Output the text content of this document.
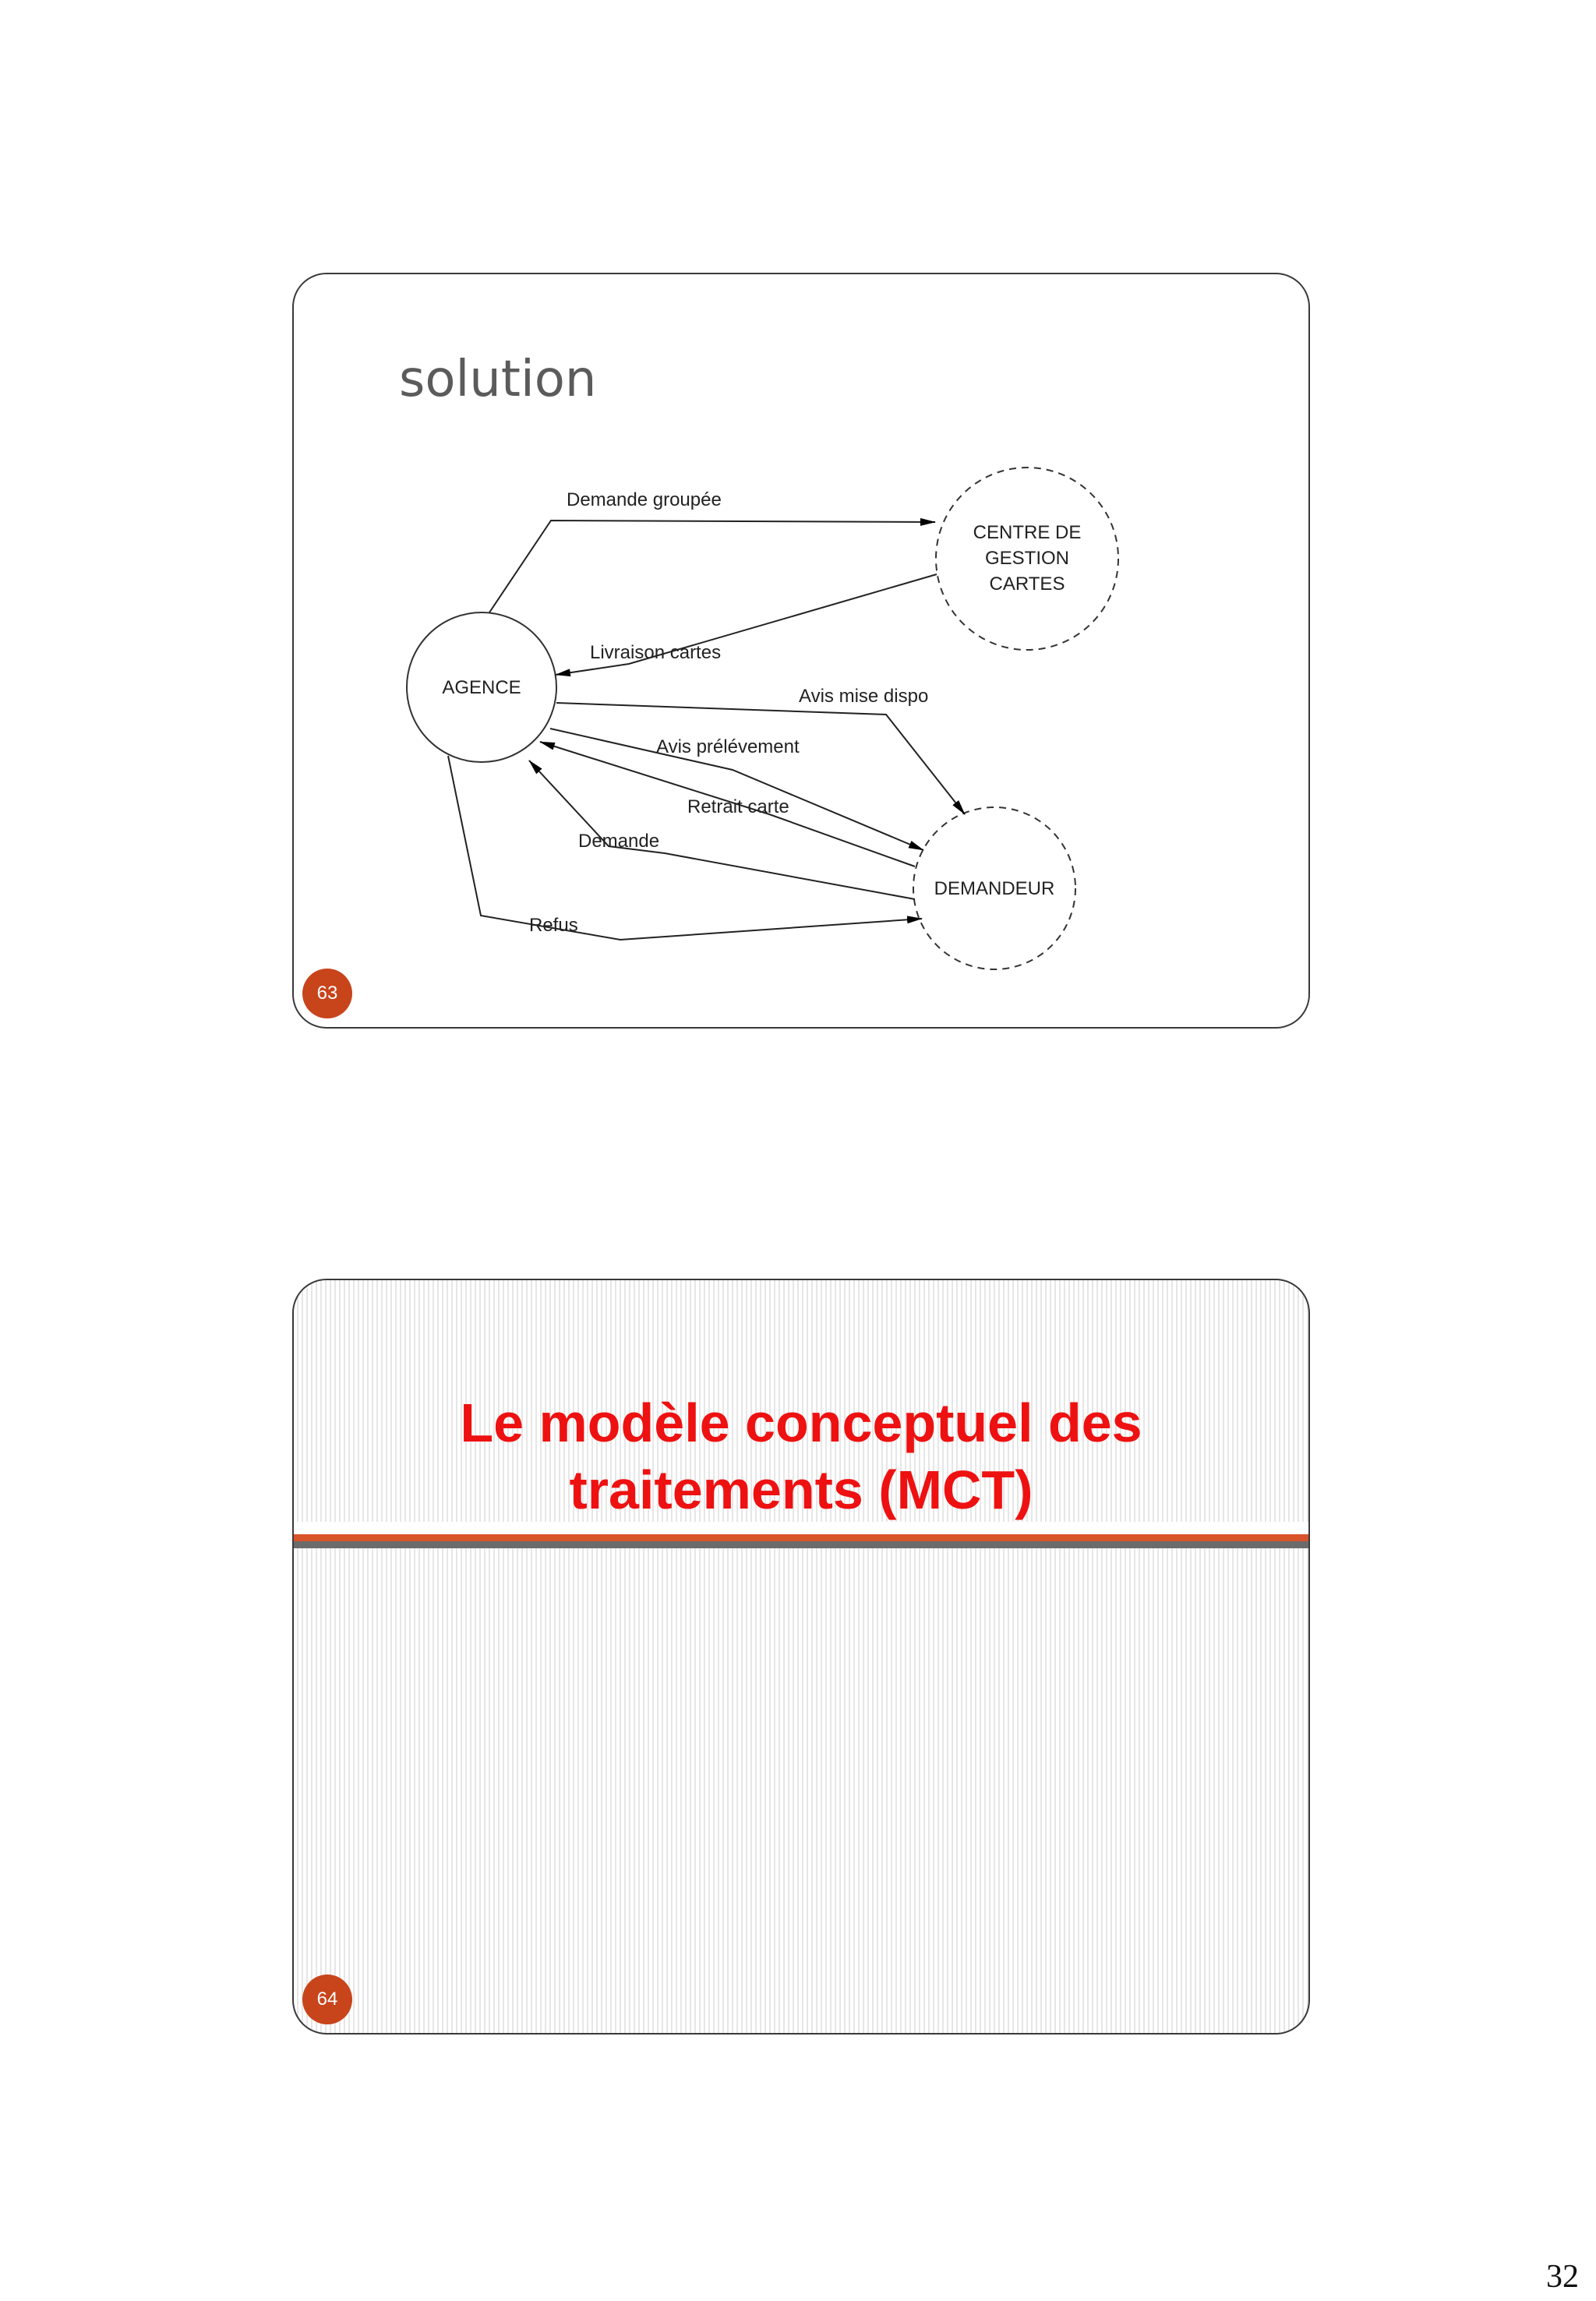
solution
AGENCE
CENTRE DE
GESTION
CARTES
DEMANDEUR
Demande groupée
Livraison cartes
Avis mise dispo
Avis prélévement
Retrait carte
Demande
Refus
63
Le modèle conceptuel des
traitements (MCT)
64
32
